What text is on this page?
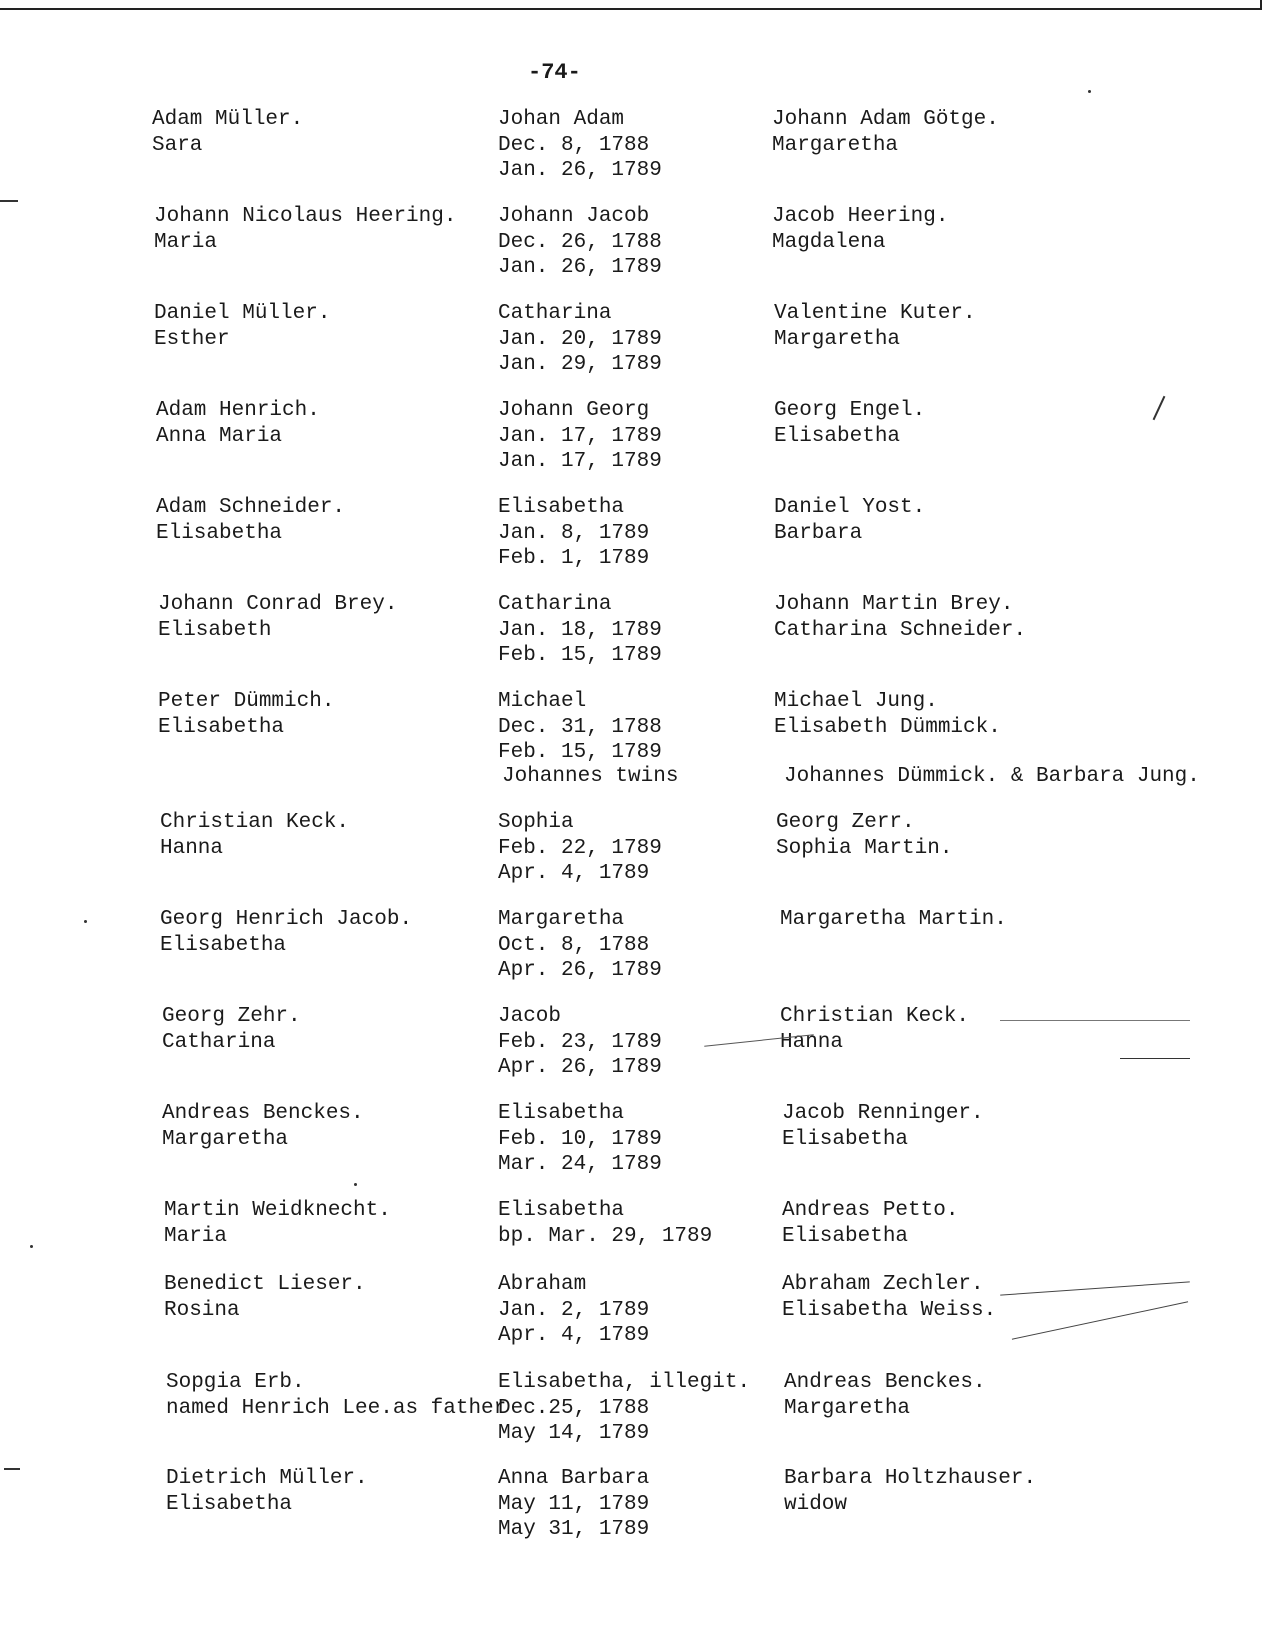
-74-
Adam Müller.
Sara
Johan Adam
Dec. 8, 1788
Jan. 26, 1789
Johann Adam Götge.
Margaretha
Johann Nicolaus Heering.
Maria
Johann Jacob
Dec. 26, 1788
Jan. 26, 1789
Jacob Heering.
Magdalena
Daniel Müller.
Esther
Catharina
Jan. 20, 1789
Jan. 29, 1789
Valentine Kuter.
Margaretha
Adam Henrich.
Anna Maria
Johann Georg
Jan. 17, 1789
Jan. 17, 1789
Georg Engel.
Elisabetha
Adam Schneider.
Elisabetha
Elisabetha
Jan. 8, 1789
Feb. 1, 1789
Daniel Yost.
Barbara
Johann Conrad Brey.
Elisabeth
Catharina
Jan. 18, 1789
Feb. 15, 1789
Johann Martin Brey.
Catharina Schneider.
Peter Dümmich.
Elisabetha
Michael
Dec. 31, 1788
Feb. 15, 1789
Michael Jung.
Elisabeth Dümmick.
Johannes twins	Johannes Dümmick. & Barbara Jung.
Christian Keck.
Hanna
Sophia
Feb. 22, 1789
Apr. 4, 1789
Georg Zerr.
Sophia Martin.
Georg Henrich Jacob.
Elisabetha
Margaretha
Oct. 8, 1788
Apr. 26, 1789
Margaretha Martin.
Georg Zehr.
Catharina
Jacob
Feb. 23, 1789
Apr. 26, 1789
Christian Keck.
Hanna
Andreas Benckes.
Margaretha
Elisabetha
Feb. 10, 1789
Mar. 24, 1789
Jacob Renninger.
Elisabetha
Martin Weidknecht.
Maria
Elisabetha
bp. Mar. 29, 1789
Andreas Petto.
Elisabetha
Benedict Lieser.
Rosina
Abraham
Jan. 2, 1789
Apr. 4, 1789
Abraham Zechler.
Elisabetha Weiss.
Sopgia Erb.
named Henrich Lee.as father
Elisabetha, illegit.
Dec.25, 1788
May 14, 1789
Andreas Benckes.
Margaretha
Dietrich Müller.
Elisabetha
Anna Barbara
May 11, 1789
May 31, 1789
Barbara Holtzhauser.
widow
